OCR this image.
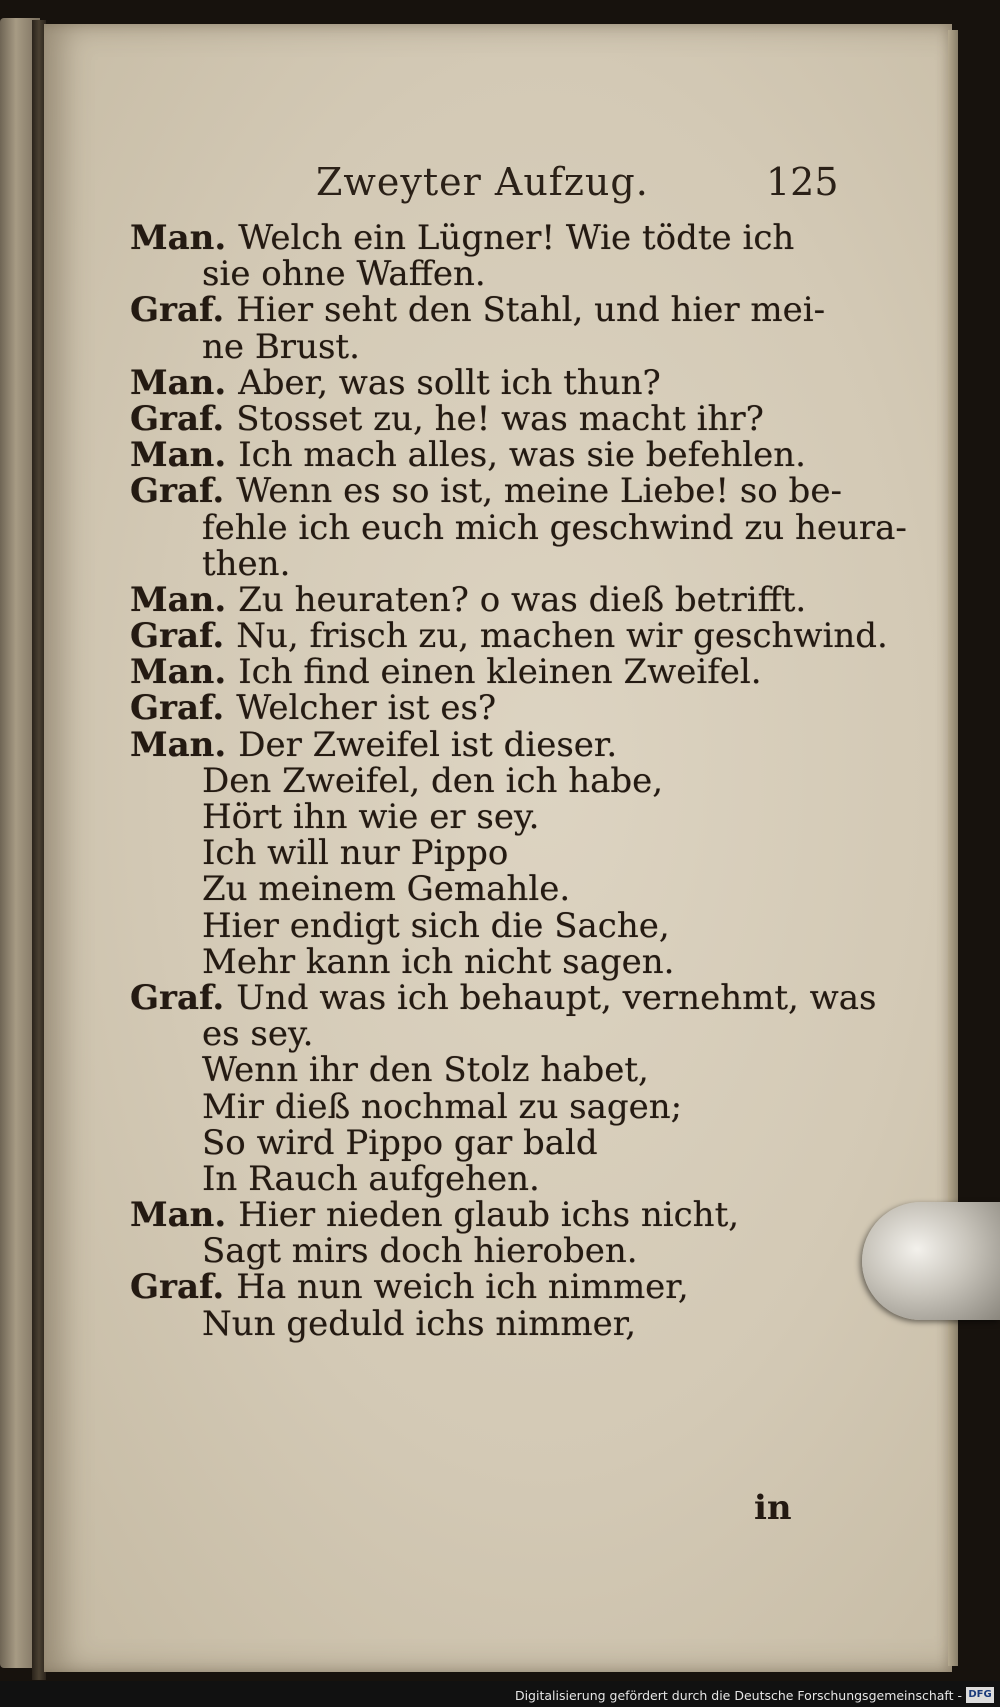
Zweyter Aufzug.	125
Man. Welch ein Lügner! Wie tödte ich
sie ohne Waffen.
Graf. Hier seht den Stahl, und hier mei-
ne Brust.
Man. Aber, was sollt ich thun?
Graf. Stosset zu, he! was macht ihr?
Man. Ich mach alles, was sie befehlen.
Graf. Wenn es so ist, meine Liebe! so be-
fehle ich euch mich geschwind zu heura-
then.
Man. Zu heuraten? o was dieß betrifft.
Graf. Nu, frisch zu, machen wir geschwind.
Man. Ich find einen kleinen Zweifel.
Graf. Welcher ist es?
Man. Der Zweifel ist dieser.
Den Zweifel, den ich habe,
Hört ihn wie er sey.
Ich will nur Pippo
Zu meinem Gemahle.
Hier endigt sich die Sache,
Mehr kann ich nicht sagen.
Graf. Und was ich behaupt, vernehmt, was
es sey.
Wenn ihr den Stolz habet,
Mir dieß nochmal zu sagen;
So wird Pippo gar bald
In Rauch aufgehen.
Man. Hier nieden glaub ichs nicht,
Sagt mirs doch hieroben.
Graf. Ha nun weich ich nimmer,
Nun geduld ichs nimmer,
in
Digitalisierung gefördert durch die Deutsche Forschungsgemeinschaft - DFG
